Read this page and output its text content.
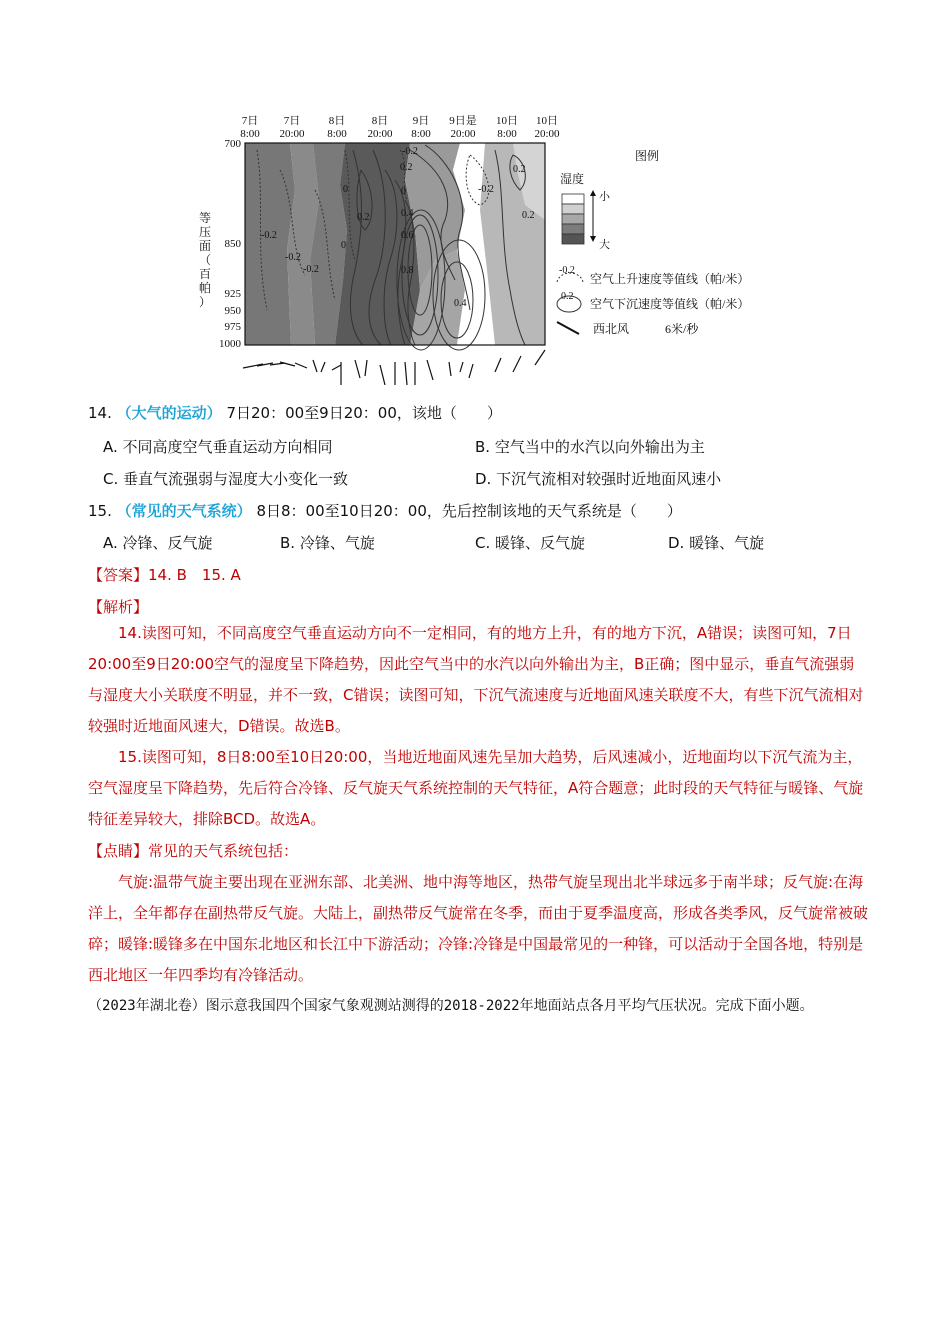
7日
8:00
7日
20:00
8日
8:00
8日
20:00
9日
8:00
9日是
20:00
10日
8:00
10日
20:00
-0.2
-0.2
-0.2
0.2
0
0.2
0.4
0.6
0.8
0.4
-0.2
0.2
-0.2
0
0.2
0
700
850
925
950
975
1000
等
压
面
（
百
帕
）
图例
湿度
小
大
-0.2
空气上升速度等值线（帕/米）
0.2
空气下沉速度等值线（帕/米）
西北风	6米/秒
14. （大气的运动） 7日20：00至9日20：00，该地（　　）
A. 不同高度空气垂直运动方向相同	B. 空气当中的水汽以向外输出为主
C. 垂直气流强弱与湿度大小变化一致	D. 下沉气流相对较强时近地面风速小
15. （常见的天气系统） 8日8：00至10日20：00，先后控制该地的天气系统是（　　）
A. 冷锋、反气旋	B. 冷锋、气旋	C. 暖锋、反气旋	D. 暖锋、气旋
【答案】14. B　15. A
【解析】

14.读图可知，不同高度空气垂直运动方向不一定相同，有的地方上升，有的地方下沉，A错误；读图可知，7日20:00至9日20:00空气的湿度呈下降趋势，因此空气当中的水汽以向外输出为主，B正确；图中显示，垂直气流强弱与湿度大小关联度不明显，并不一致，C错误；读图可知，下沉气流速度与近地面风速关联度不大，有些下沉气流相对较强时近地面风速大，D错误。故选B。

15.读图可知，8日8:00至10日20:00，当地近地面风速先呈加大趋势，后风速减小，近地面均以下沉气流为主，空气湿度呈下降趋势，先后符合冷锋、反气旋天气系统控制的天气特征，A符合题意；此时段的天气特征与暖锋、气旋特征差异较大，排除BCD。故选A。

【点睛】常见的天气系统包括：

气旋:温带气旋主要出现在亚洲东部、北美洲、地中海等地区，热带气旋呈现出北半球远多于南半球；反气旋:在海洋上，全年都存在副热带反气旋。大陆上，副热带反气旋常在冬季，而由于夏季温度高，形成各类季风，反气旋常被破碎；暖锋:暖锋多在中国东北地区和长江中下游活动；冷锋:冷锋是中国最常见的一种锋，可以活动于全国各地，特别是西北地区一年四季均有冷锋活动。

（2023年湖北卷）图示意我国四个国家气象观测站测得的2018-2022年地面站点各月平均气压状况。完成下面小题。
